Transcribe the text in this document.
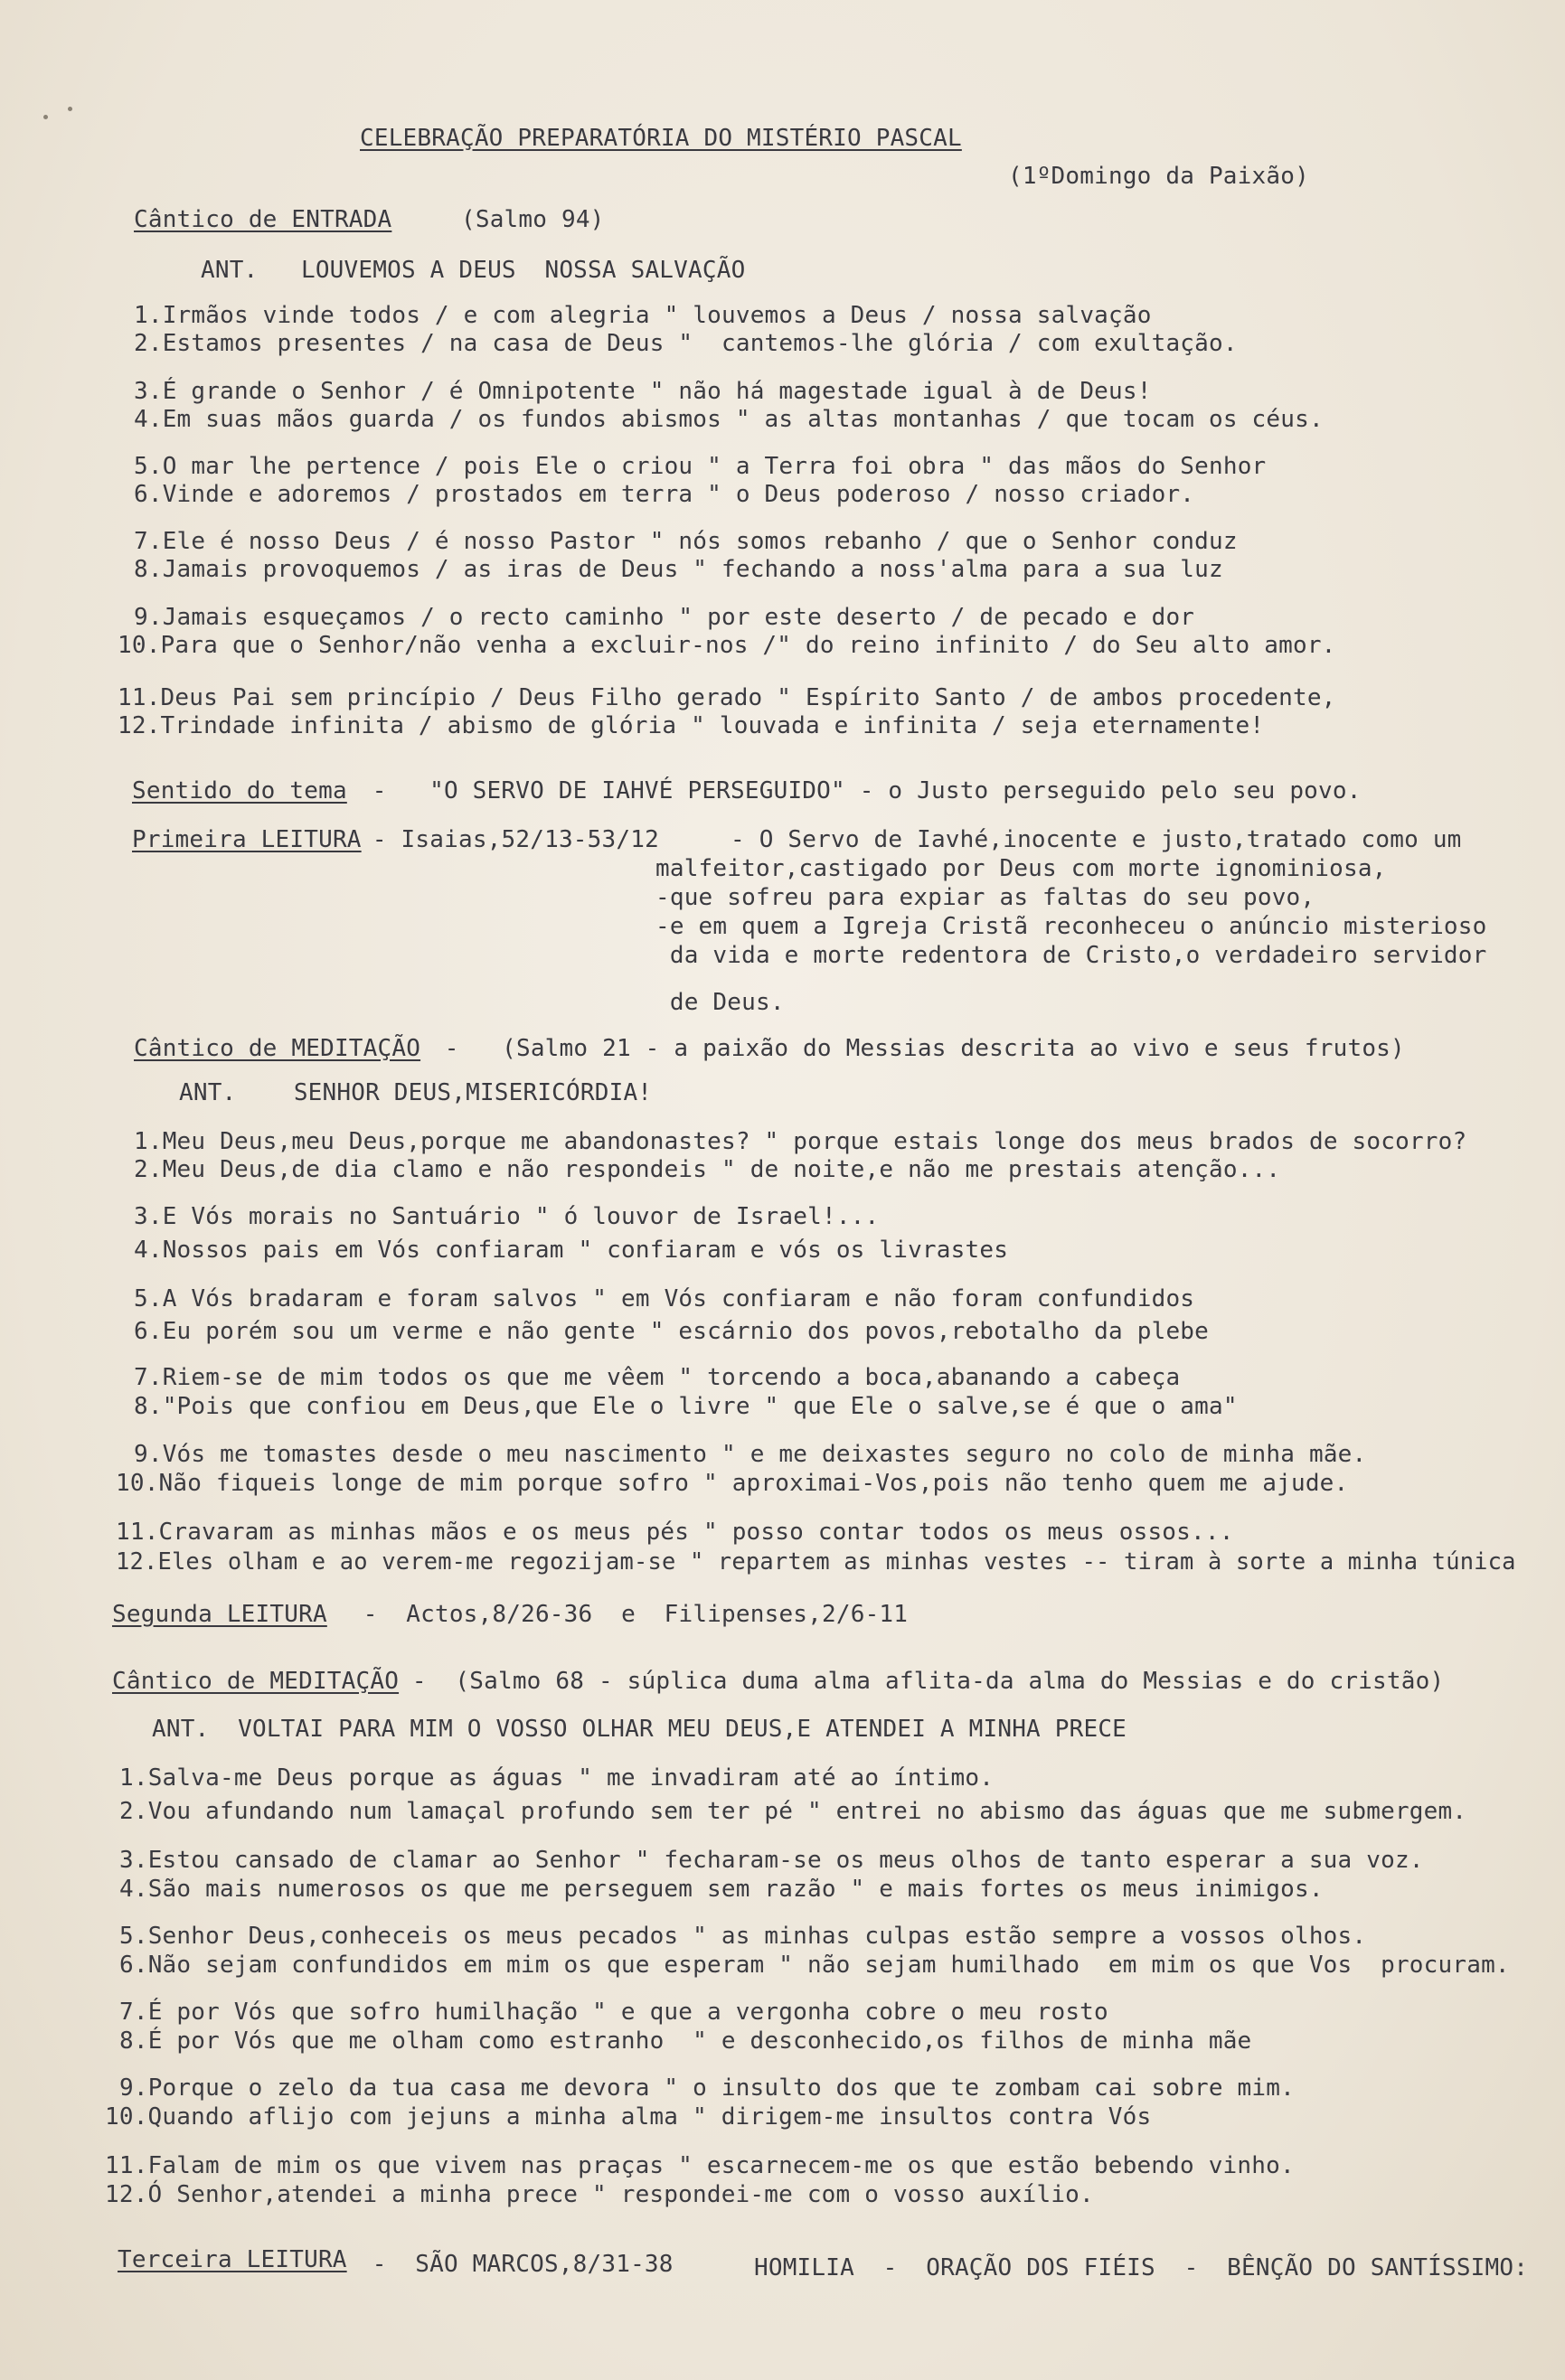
CELEBRAÇÃO PREPARATÓRIA DO MISTÉRIO PASCAL
(1ºDomingo da Paixão)
Cântico de ENTRADA	(Salmo 94)
ANT.   LOUVEMOS A DEUS  NOSSA SALVAÇÃO
1.Irmãos vinde todos / e com alegria " louvemos a Deus / nossa salvação
2.Estamos presentes / na casa de Deus "  cantemos-lhe glória / com exultação.
3.É grande o Senhor / é Omnipotente " não há magestade igual à de Deus!
4.Em suas mãos guarda / os fundos abismos " as altas montanhas / que tocam os céus.
5.O mar lhe pertence / pois Ele o criou " a Terra foi obra " das mãos do Senhor
6.Vinde e adoremos / prostados em terra " o Deus poderoso / nosso criador.
7.Ele é nosso Deus / é nosso Pastor " nós somos rebanho / que o Senhor conduz
8.Jamais provoquemos / as iras de Deus " fechando a noss'alma para a sua luz
9.Jamais esqueçamos / o recto caminho " por este deserto / de pecado e dor
10.Para que o Senhor/não venha a excluir-nos /" do reino infinito / do Seu alto amor.
11.Deus Pai sem princípio / Deus Filho gerado " Espírito Santo / de ambos procedente,
12.Trindade infinita / abismo de glória " louvada e infinita / seja eternamente!
Sentido do tema
-   "O SERVO DE IAHVÉ PERSEGUIDO" - o Justo perseguido pelo seu povo.
Primeira LEITURA
- Isaias,52/13-53/12	- O Servo de Iavhé,inocente e justo,tratado como um
malfeitor,castigado por Deus com morte ignominiosa,
-que sofreu para expiar as faltas do seu povo,
-e em quem a Igreja Cristã reconheceu o anúncio misterioso
da vida e morte redentora de Cristo,o verdadeiro servidor
de Deus.
Cântico de MEDITAÇÃO
-   (Salmo 21 - a paixão do Messias descrita ao vivo e seus frutos)
ANT.    SENHOR DEUS,MISERICÓRDIA!
1.Meu Deus,meu Deus,porque me abandonastes? " porque estais longe dos meus brados de socorro?
2.Meu Deus,de dia clamo e não respondeis " de noite,e não me prestais atenção...
3.E Vós morais no Santuário " ó louvor de Israel!...
4.Nossos pais em Vós confiaram " confiaram e vós os livrastes
5.A Vós bradaram e foram salvos " em Vós confiaram e não foram confundidos
6.Eu porém sou um verme e não gente " escárnio dos povos,rebotalho da plebe
7.Riem-se de mim todos os que me vêem " torcendo a boca,abanando a cabeça
8."Pois que confiou em Deus,que Ele o livre " que Ele o salve,se é que o ama"
9.Vós me tomastes desde o meu nascimento " e me deixastes seguro no colo de minha mãe.
10.Não fiqueis longe de mim porque sofro " aproximai-Vos,pois não tenho quem me ajude.
11.Cravaram as minhas mãos e os meus pés " posso contar todos os meus ossos...
12.Eles olham e ao verem-me regozijam-se " repartem as minhas vestes -- tiram à sorte a minha túnica
Segunda LEITURA -  Actos,8/26-36  e  Filipenses,2/6-11
Cântico de MEDITAÇÃO
-  (Salmo 68 - súplica duma alma aflita-da alma do Messias e do cristão)
ANT.  VOLTAI PARA MIM O VOSSO OLHAR MEU DEUS,E ATENDEI A MINHA PRECE
1.Salva-me Deus porque as águas " me invadiram até ao íntimo.
2.Vou afundando num lamaçal profundo sem ter pé " entrei no abismo das águas que me submergem.
3.Estou cansado de clamar ao Senhor " fecharam-se os meus olhos de tanto esperar a sua voz.
4.São mais numerosos os que me perseguem sem razão " e mais fortes os meus inimigos.
5.Senhor Deus,conheceis os meus pecados " as minhas culpas estão sempre a vossos olhos.
6.Não sejam confundidos em mim os que esperam " não sejam humilhado  em mim os que Vos  procuram.
7.É por Vós que sofro humilhação " e que a vergonha cobre o meu rosto
8.É por Vós que me olham como estranho  " e desconhecido,os filhos de minha mãe
9.Porque o zelo da tua casa me devora " o insulto dos que te zombam cai sobre mim.
10.Quando aflijo com jejuns a minha alma " dirigem-me insultos contra Vós
11.Falam de mim os que vivem nas praças " escarnecem-me os que estão bebendo vinho.
12.Ó Senhor,atendei a minha prece " respondei-me com o vosso auxílio.
Terceira LEITURA
-  SÃO MARCOS,8/31-38	HOMILIA  -  ORAÇÃO DOS FIÉIS  -  BÊNÇÃO DO SANTÍSSIMO:
